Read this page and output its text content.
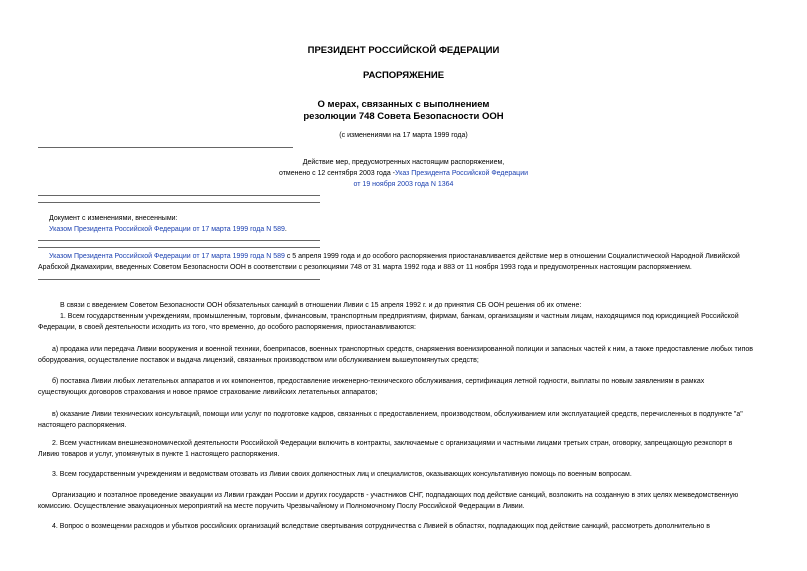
ПРЕЗИДЕНТ РОССИЙСКОЙ ФЕДЕРАЦИИ
РАСПОРЯЖЕНИЕ
О мерах, связанных с выполнением
резолюции 748 Совета Безопасности ООН
(с изменениями на 17 марта 1999 года)
Действие мер, предусмотренных настоящим распоряжением,
отменено с 12 сентября 2003 года -Указ Президента Российской Федерации
от 19 ноября 2003 года N 1364
Документ с изменениями, внесенными:
Указом Президента Российской Федерации от 17 марта 1999 года N 589.
Указом Президента Российской Федерации от 17 марта 1999 года N 589 с 5 апреля 1999 года и до особого распоряжения приостанавливается действие мер в отношении Социалистической Народной Ливийской
Арабской Джамахирии, введенных Советом Безопасности ООН в соответствии с резолюциями 748 от 31 марта 1992 года и 883 от 11 ноября 1993 года и предусмотренных настоящим распоряжением.
В связи с введением Советом Безопасности ООН обязательных санкций в отношении Ливии с 15 апреля 1992 г. и до принятия СБ ООН решения об их отмене:
1. Всем государственным учреждениям, промышленным, торговым, финансовым, транспортным предприятиям, фирмам, банкам, организациям и частным лицам, находящимся под юрисдикцией Российской
Федерации, в своей деятельности исходить из того, что временно, до особого распоряжения, приостанавливаются:
а) продажа или передача Ливии вооружения и военной техники, боеприпасов, военных транспортных средств, снаряжения военизированной полиции и запасных частей к ним, а также предоставление любых типов
оборудования, осуществление поставок и выдача лицензий, связанных производством или обслуживанием вышеупомянутых средств;
б) поставка Ливии любых летательных аппаратов и их компонентов, предоставление инженерно-технического обслуживания, сертификация летной годности, выплаты по новым заявлениям в рамках
существующих договоров страхования и новое прямое страхование ливийских летательных аппаратов;
в) оказание Ливии технических консультаций, помощи или услуг по подготовке кадров, связанных с предоставлением, производством, обслуживанием или эксплуатацией средств, перечисленных в подпункте "а"
настоящего распоряжения.
2. Всем участникам внешнеэкономической деятельности Российской Федерации включить в контракты, заключаемые с организациями и частными лицами третьих стран, оговорку, запрещающую реэкспорт в
Ливию товаров и услуг, упомянутых в пункте 1 настоящего распоряжения.
3. Всем государственным учреждениям и ведомствам отозвать из Ливии своих должностных лиц и специалистов, оказывающих консультативную помощь по военным вопросам.
Организацию и поэтапное проведение эвакуации из Ливии граждан России и других государств - участников СНГ, подпадающих под действие санкций, возложить на созданную в этих целях межведомственную
комиссию. Осуществление эвакуационных мероприятий на месте поручить Чрезвычайному и Полномочному Послу Российской Федерации в Ливии.
4. Вопрос о возмещении расходов и убытков российских организаций вследствие свертывания сотрудничества с Ливией в областях, подпадающих под действие санкций, рассмотреть дополнительно в
